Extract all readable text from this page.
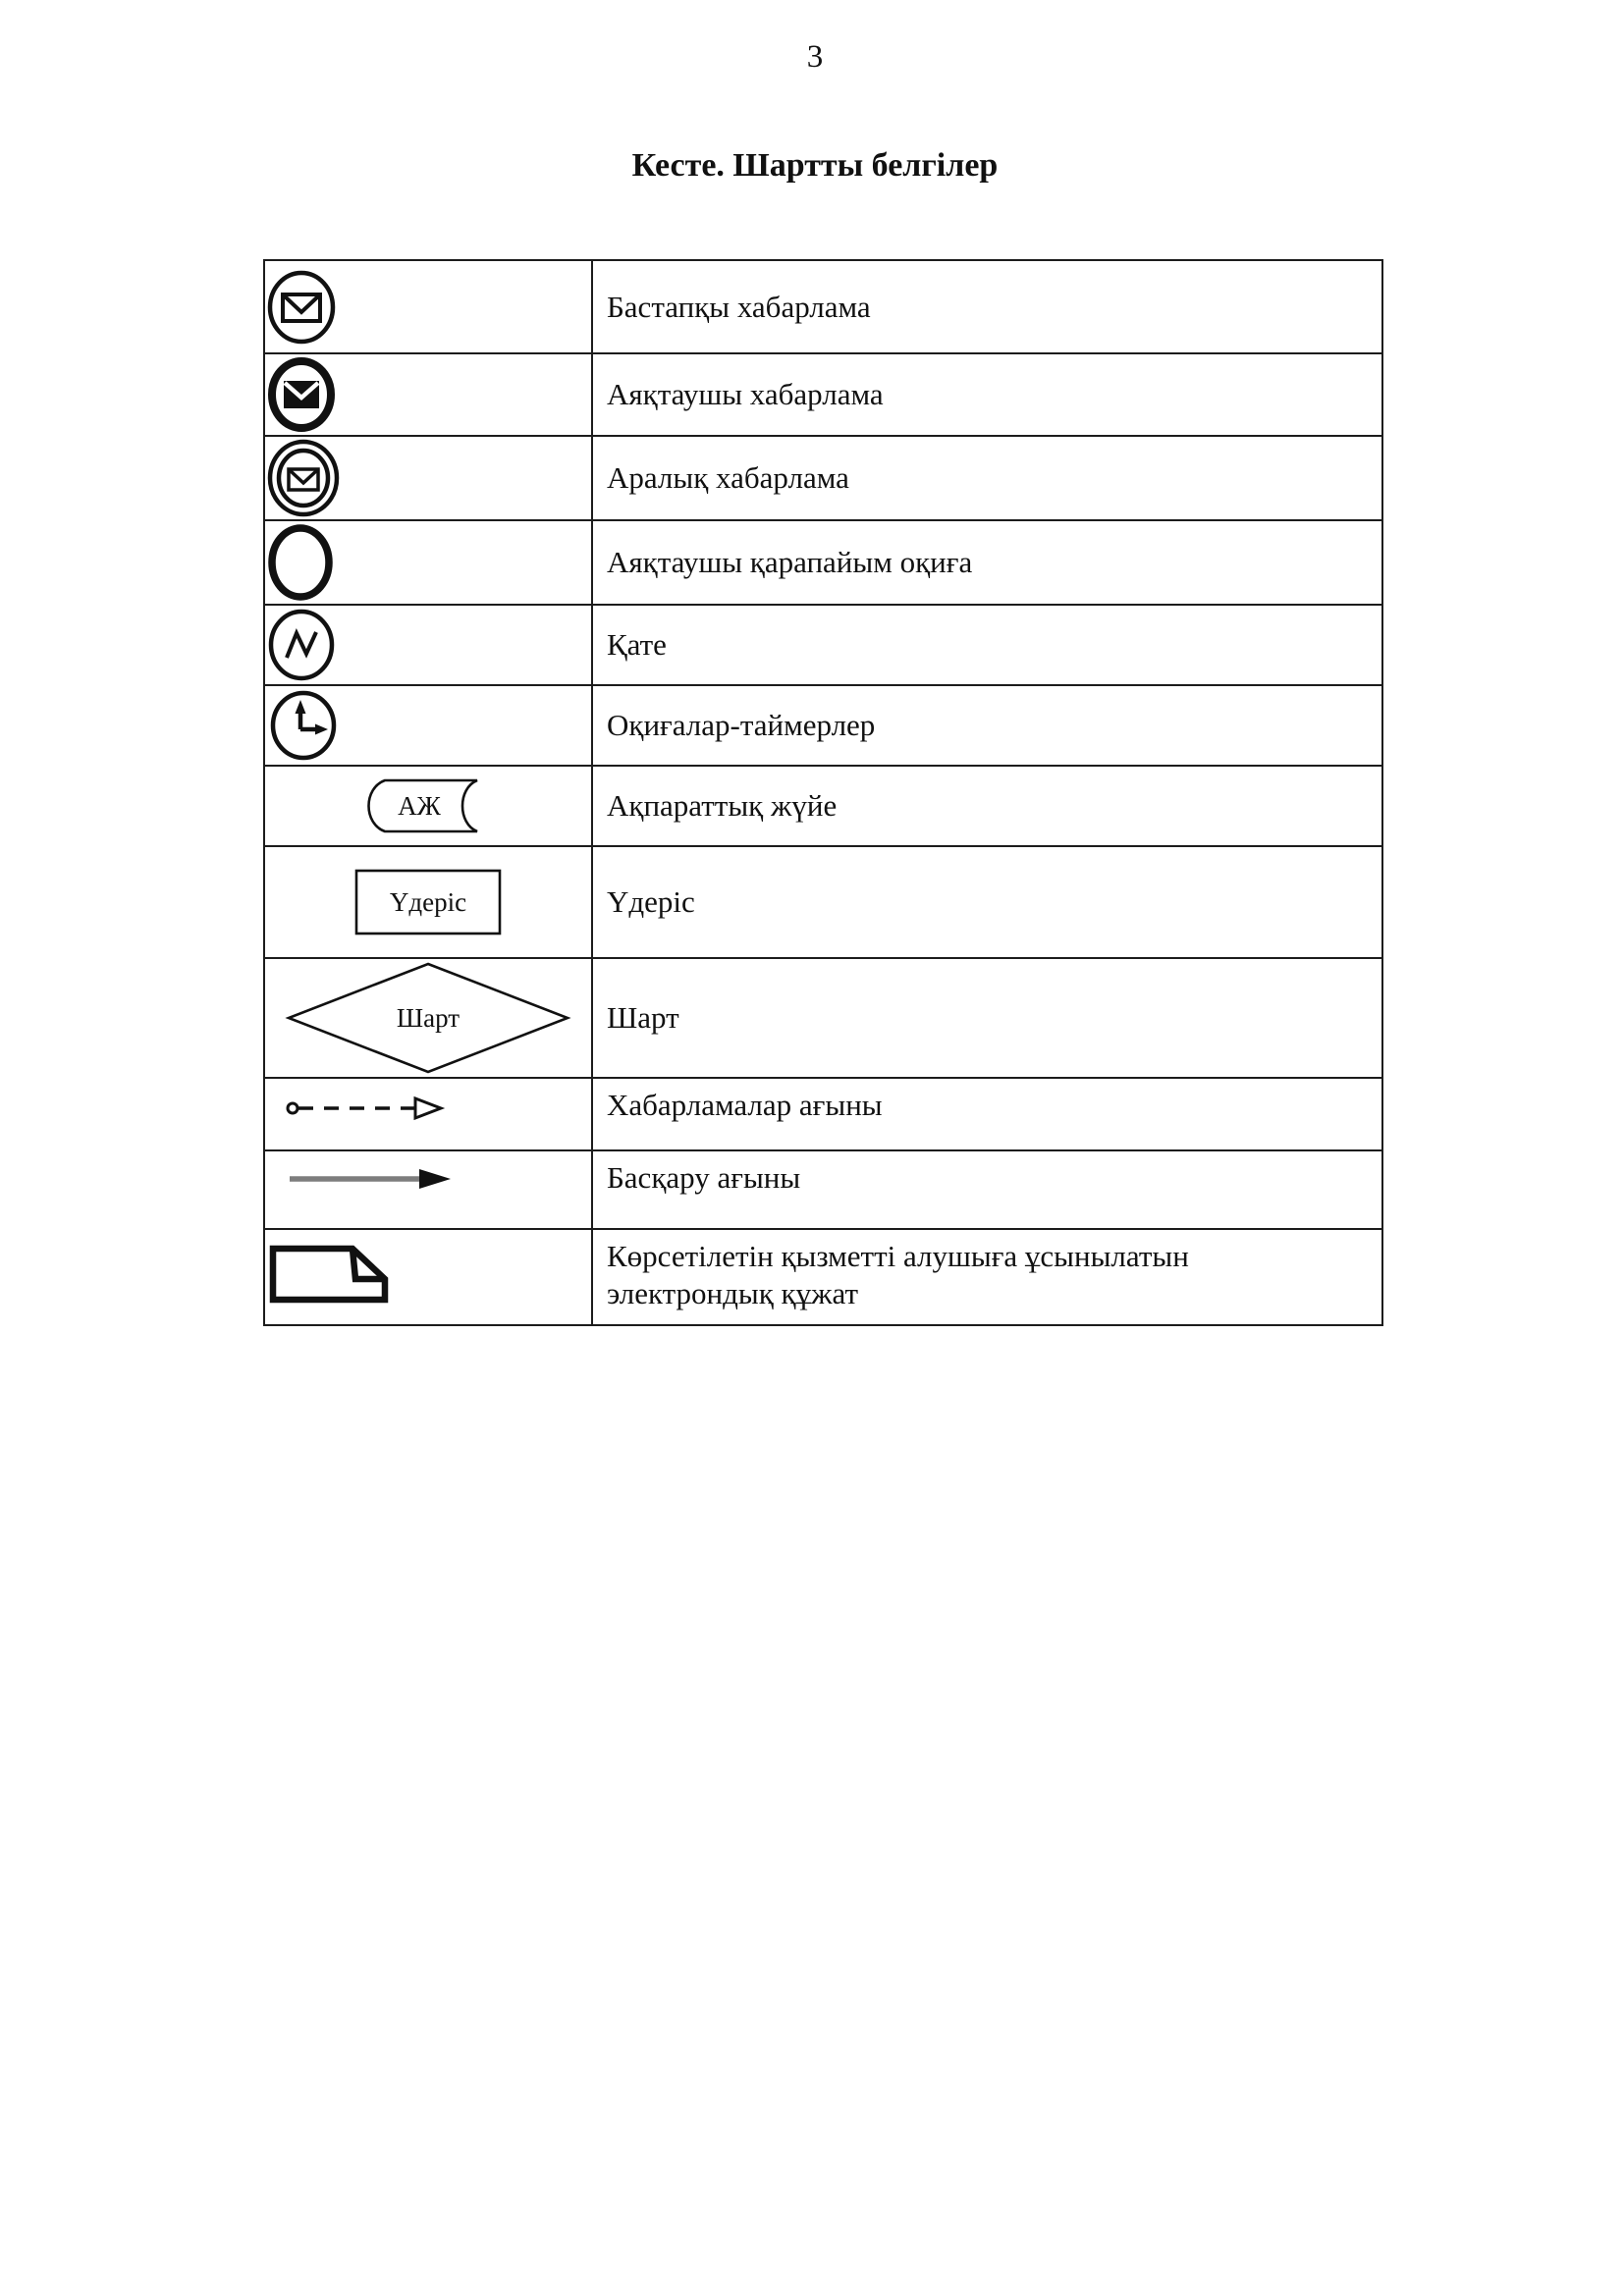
3
Кесте. Шартты белгілер
	Бастапқы хабарлама

	Аяқтаушы хабарлама

	Аралық хабарлама

	Аяқтаушы қарапайым оқиға

	Қате

	Оқиғалар-таймерлер

АЖ	Ақпараттық жүйе

Үдеріс	Үдеріс

Шарт	Шарт

	Хабарламалар ағыны

	Басқару ағыны

	Көрсетілетін қызметті алушыға ұсынылатын электрондық құжат
